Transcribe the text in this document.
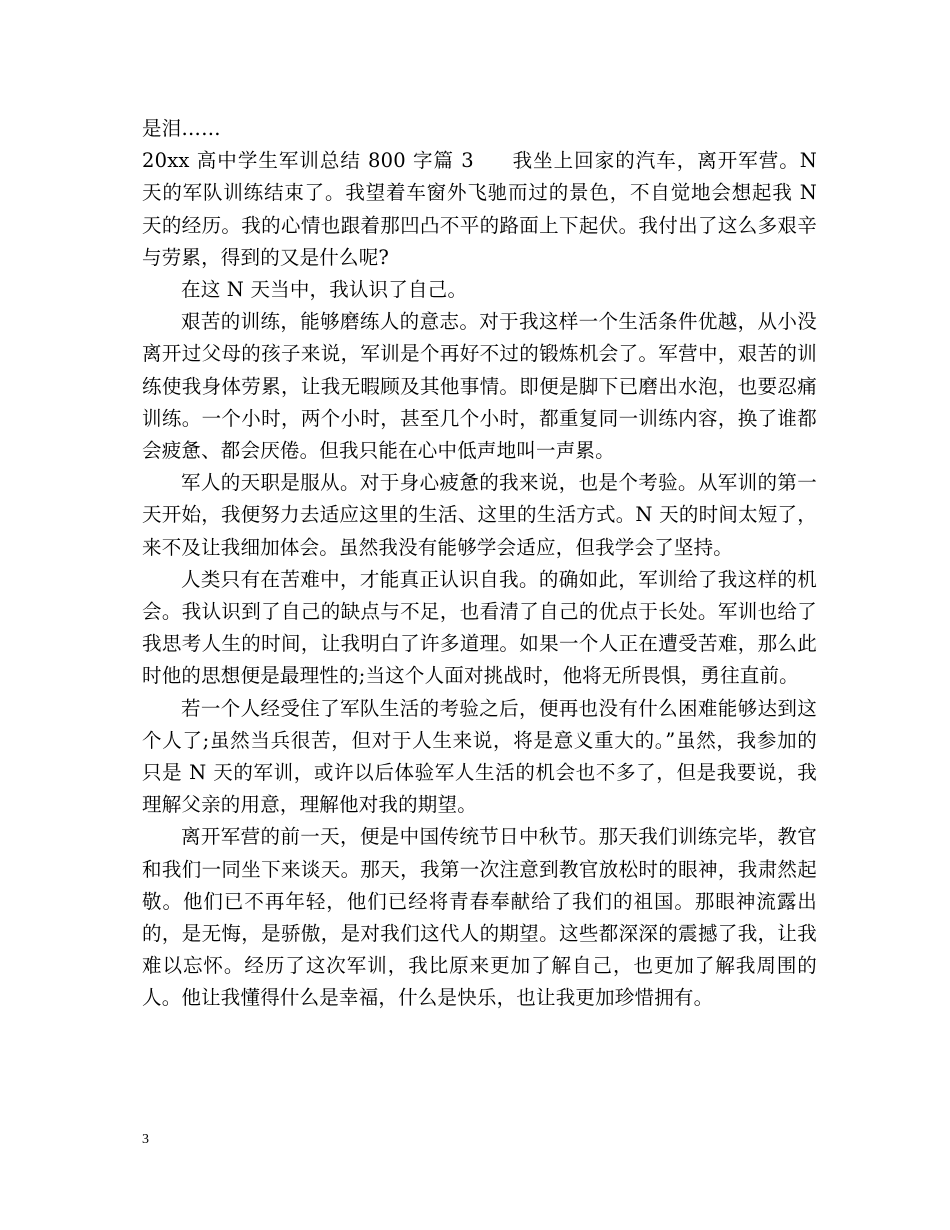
是泪……

20xx 高中学生军训总结 800 字篇 3 我坐上回家的汽车，离开军营。N 天的军队训练结束了。我望着车窗外飞驰而过的景色，不自觉地会想起我 N 天的经历。我的心情也跟着那凹凸不平的路面上下起伏。我付出了这么多艰辛与劳累，得到的又是什么呢?

在这 N 天当中，我认识了自己。

艰苦的训练，能够磨练人的意志。对于我这样一个生活条件优越，从小没离开过父母的孩子来说，军训是个再好不过的锻炼机会了。军营中，艰苦的训练使我身体劳累，让我无暇顾及其他事情。即便是脚下已磨出水泡，也要忍痛训练。一个小时，两个小时，甚至几个小时，都重复同一训练内容，换了谁都会疲惫、都会厌倦。但我只能在心中低声地叫一声累。

军人的天职是服从。对于身心疲惫的我来说，也是个考验。从军训的第一天开始，我便努力去适应这里的生活、这里的生活方式。N 天的时间太短了，来不及让我细加体会。虽然我没有能够学会适应，但我学会了坚持。

人类只有在苦难中，才能真正认识自我。的确如此，军训给了我这样的机会。我认识到了自己的缺点与不足，也看清了自己的优点于长处。军训也给了我思考人生的时间，让我明白了许多道理。如果一个人正在遭受苦难，那么此时他的思想便是最理性的;当这个人面对挑战时，他将无所畏惧，勇往直前。

若一个人经受住了军队生活的考验之后，便再也没有什么困难能够达到这个人了;虽然当兵很苦，但对于人生来说，将是意义重大的。”虽然，我参加的只是 N 天的军训，或许以后体验军人生活的机会也不多了，但是我要说，我理解父亲的用意，理解他对我的期望。

离开军营的前一天，便是中国传统节日中秋节。那天我们训练完毕，教官和我们一同坐下来谈天。那天，我第一次注意到教官放松时的眼神，我肃然起敬。他们已不再年轻，他们已经将青春奉献给了我们的祖国。那眼神流露出的，是无悔，是骄傲，是对我们这代人的期望。这些都深深的震撼了我，让我难以忘怀。经历了这次军训，我比原来更加了解自己，也更加了解我周围的人。他让我懂得什么是幸福，什么是快乐，也让我更加珍惜拥有。

3
